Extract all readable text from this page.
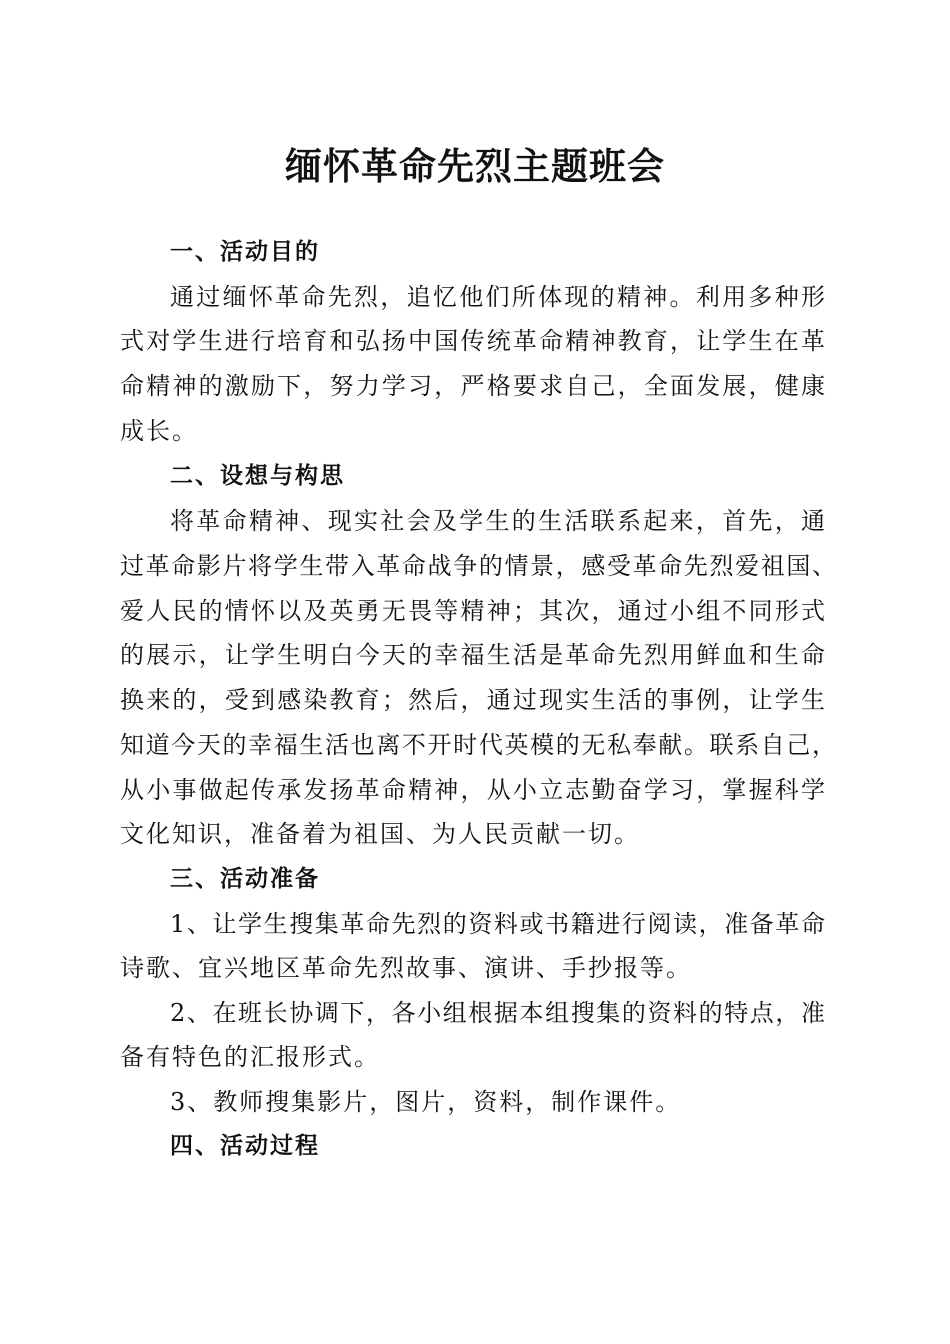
缅怀革命先烈主题班会
一、活动目的
通过缅怀革命先烈，追忆他们所体现的精神。利用多种形
式对学生进行培育和弘扬中国传统革命精神教育，让学生在革
命精神的激励下，努力学习，严格要求自己，全面发展，健康
成长。
二、设想与构思
将革命精神、现实社会及学生的生活联系起来，首先，通
过革命影片将学生带入革命战争的情景，感受革命先烈爱祖国、
爱人民的情怀以及英勇无畏等精神；其次，通过小组不同形式
的展示，让学生明白今天的幸福生活是革命先烈用鲜血和生命
换来的，受到感染教育；然后，通过现实生活的事例，让学生
知道今天的幸福生活也离不开时代英模的无私奉献。联系自己，
从小事做起传承发扬革命精神，从小立志勤奋学习，掌握科学
文化知识，准备着为祖国、为人民贡献一切。
三、活动准备
1、让学生搜集革命先烈的资料或书籍进行阅读，准备革命
诗歌、宜兴地区革命先烈故事、演讲、手抄报等。
2、在班长协调下，各小组根据本组搜集的资料的特点，准
备有特色的汇报形式。
3、教师搜集影片，图片，资料，制作课件。
四、活动过程
